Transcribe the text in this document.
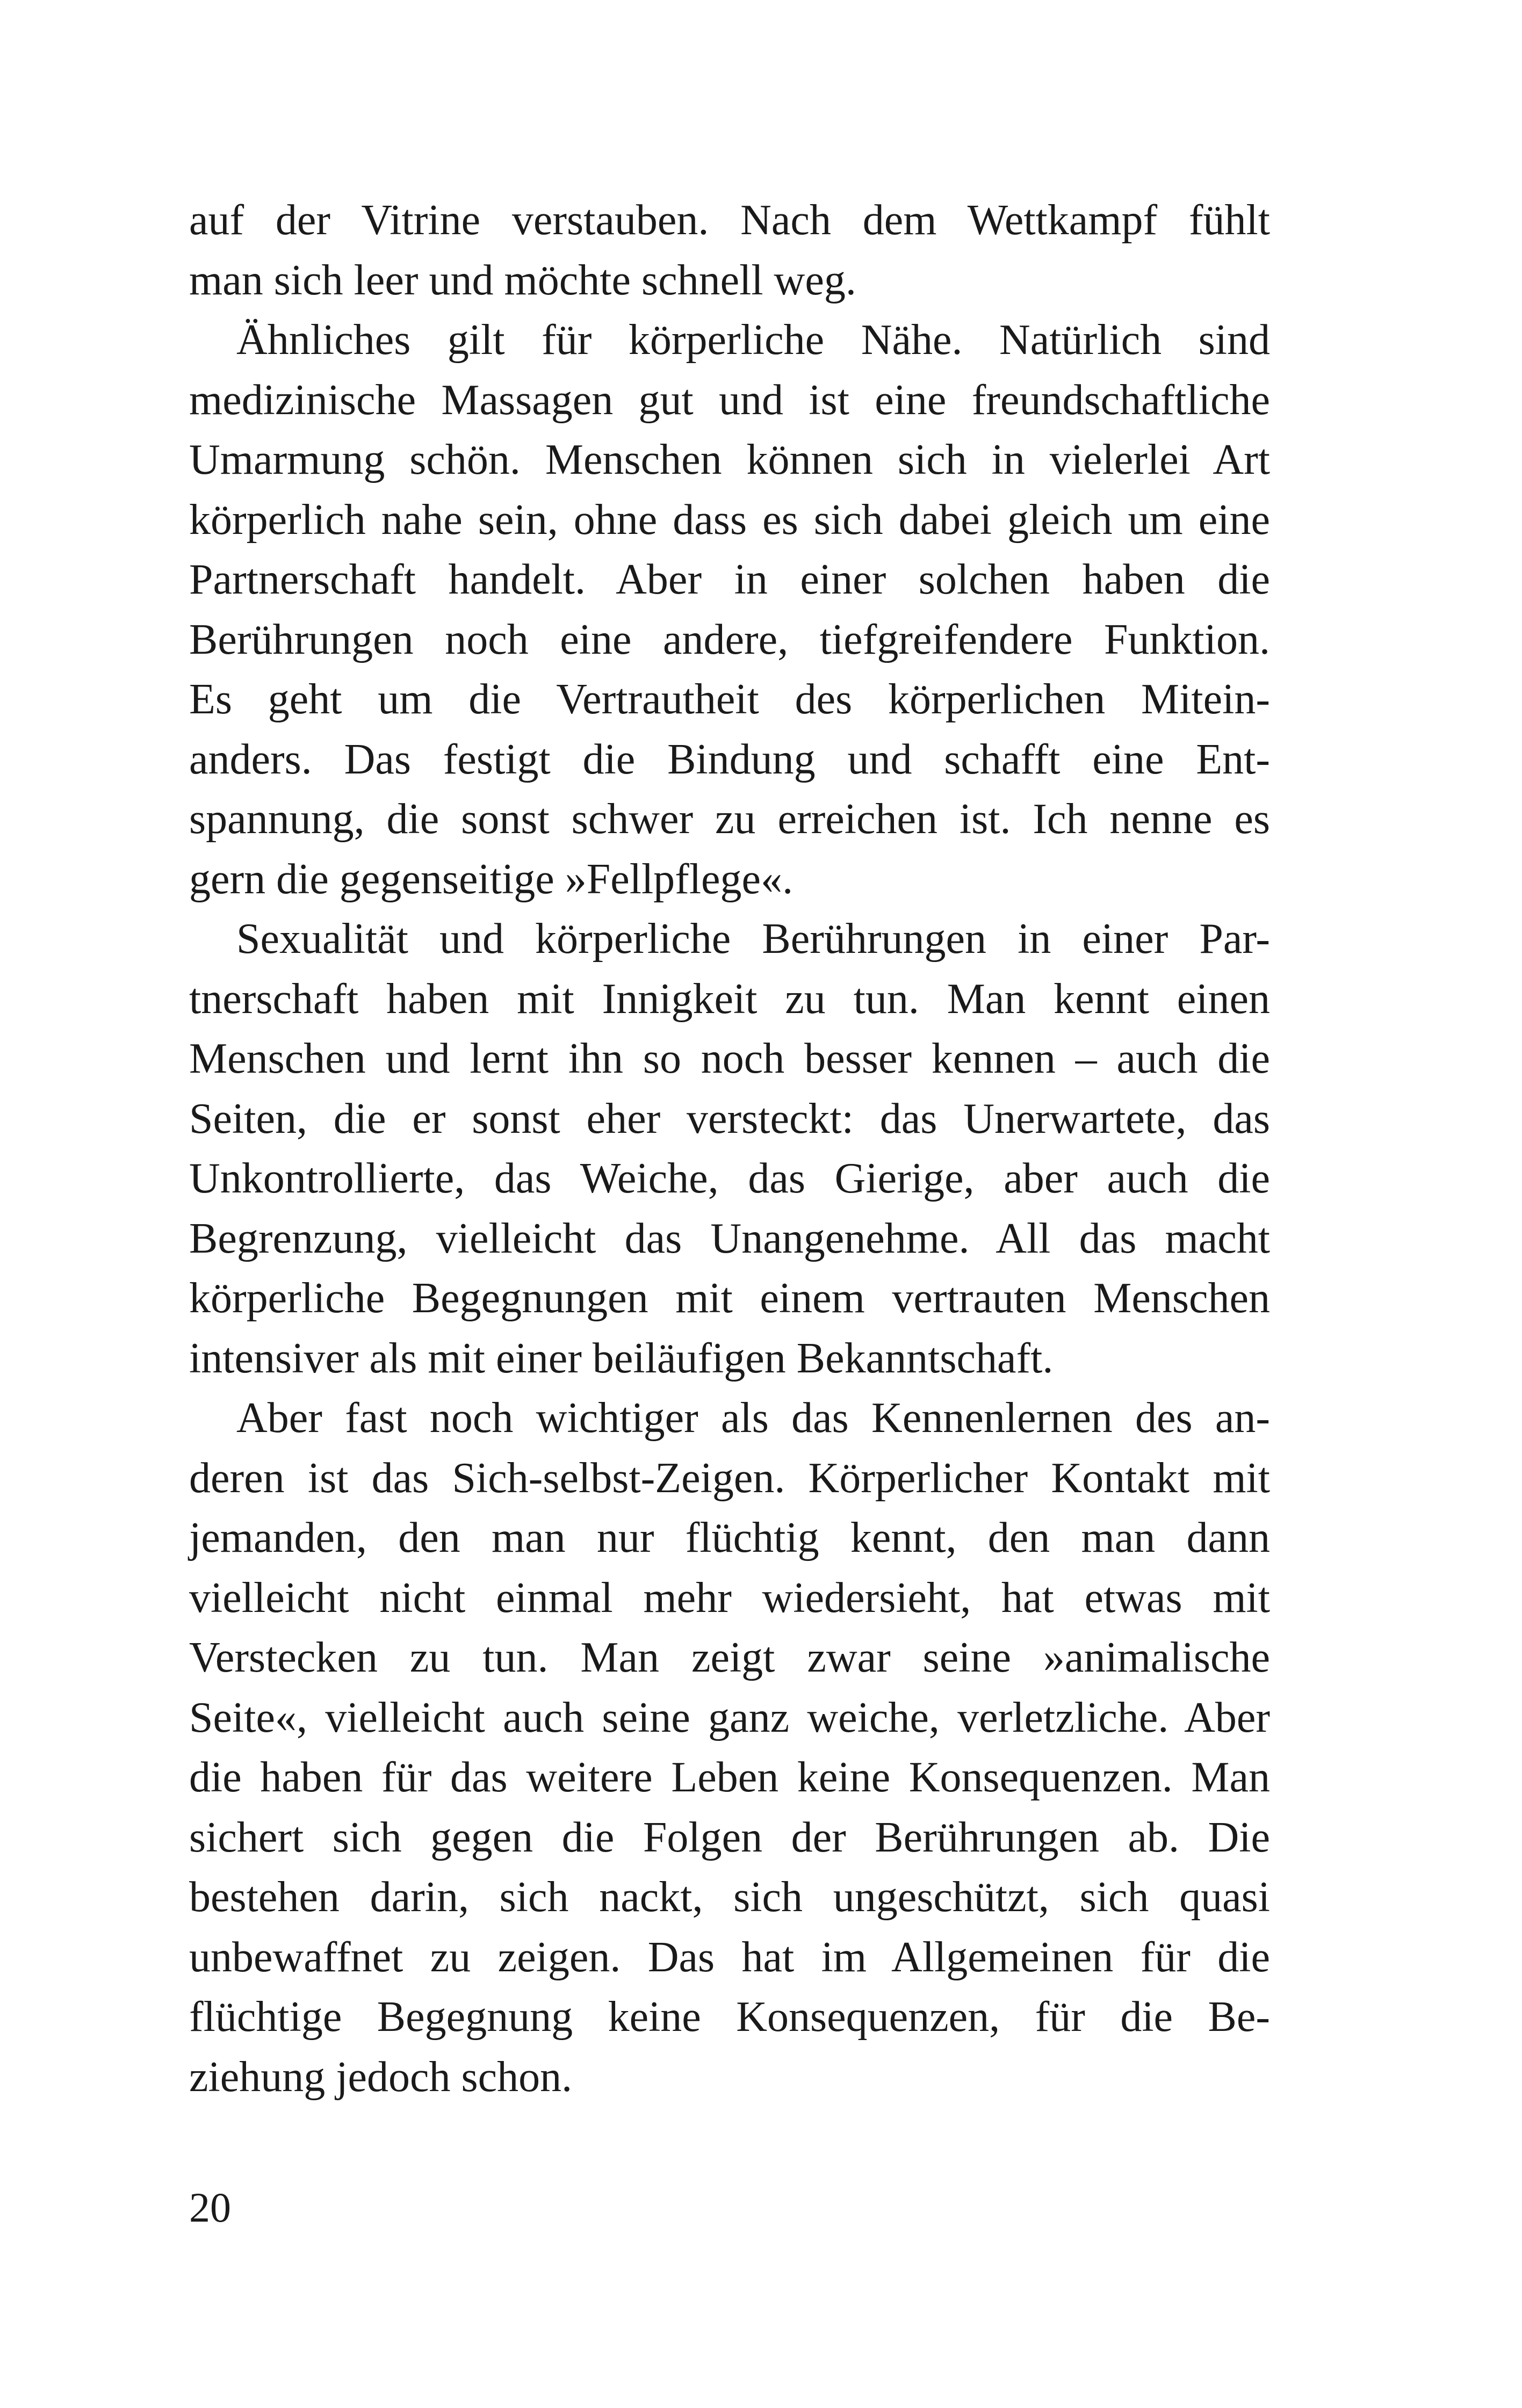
auf der Vitrine verstauben. Nach dem Wettkampf fühlt
man sich leer und möchte schnell weg.
Ähnliches gilt für körperliche Nähe. Natürlich sind
medizinische Massagen gut und ist eine freundschaftliche
Umarmung schön. Menschen können sich in vielerlei Art
körperlich nahe sein, ohne dass es sich dabei gleich um eine
Partnerschaft handelt. Aber in einer solchen haben die
Berührungen noch eine andere, tiefgreifendere Funktion.
Es geht um die Vertrautheit des körperlichen Mitein-
anders. Das festigt die Bindung und schafft eine Ent-
spannung, die sonst schwer zu erreichen ist. Ich nenne es
gern die gegenseitige »Fellpflege«.
Sexualität und körperliche Berührungen in einer Par-
tnerschaft haben mit Innigkeit zu tun. Man kennt einen
Menschen und lernt ihn so noch besser kennen – auch die
Seiten, die er sonst eher versteckt: das Unerwartete, das
Unkontrollierte, das Weiche, das Gierige, aber auch die
Begrenzung, vielleicht das Unangenehme. All das macht
körperliche Begegnungen mit einem vertrauten Menschen
intensiver als mit einer beiläufigen Bekanntschaft.
Aber fast noch wichtiger als das Kennenlernen des an-
deren ist das Sich-selbst-Zeigen. Körperlicher Kontakt mit
jemanden, den man nur flüchtig kennt, den man dann
vielleicht nicht einmal mehr wiedersieht, hat etwas mit
Verstecken zu tun. Man zeigt zwar seine »animalische
Seite«, vielleicht auch seine ganz weiche, verletzliche. Aber
die haben für das weitere Leben keine Konsequenzen. Man
sichert sich gegen die Folgen der Berührungen ab. Die
bestehen darin, sich nackt, sich ungeschützt, sich quasi
unbewaffnet zu zeigen. Das hat im Allgemeinen für die
flüchtige Begegnung keine Konsequenzen, für die Be-
ziehung jedoch schon.
20
